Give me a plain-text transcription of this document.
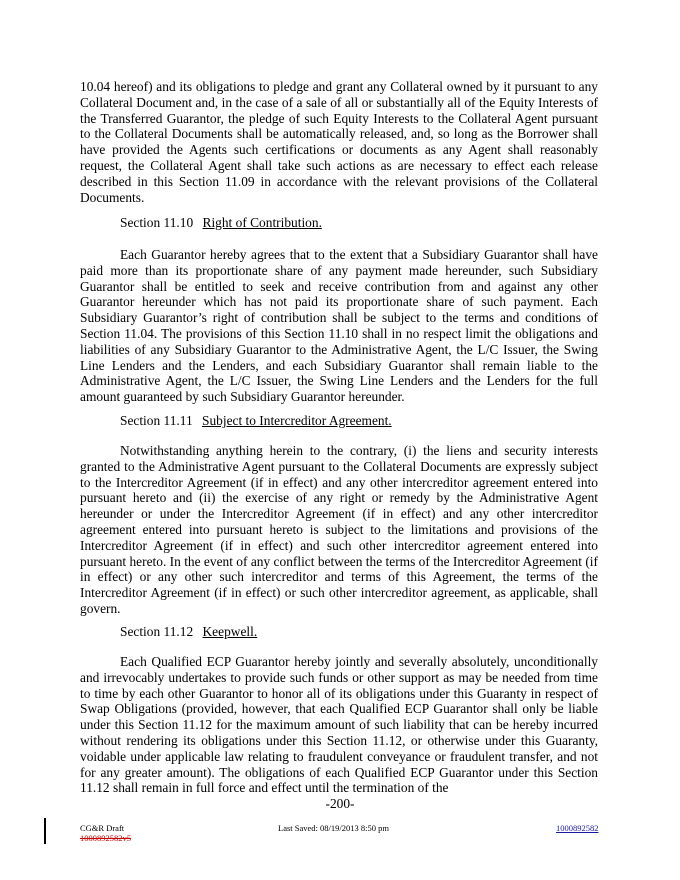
10.04 hereof) and its obligations to pledge and grant any Collateral owned by it pursuant to any Collateral Document and, in the case of a sale of all or substantially all of the Equity Interests of the Transferred Guarantor, the pledge of such Equity Interests to the Collateral Agent pursuant to the Collateral Documents shall be automatically released, and, so long as the Borrower shall have provided the Agents such certifications or documents as any Agent shall reasonably request, the Collateral Agent shall take such actions as are necessary to effect each release described in this Section 11.09 in accordance with the relevant provisions of the Collateral Documents.
Section 11.10 Right of Contribution.
Each Guarantor hereby agrees that to the extent that a Subsidiary Guarantor shall have paid more than its proportionate share of any payment made hereunder, such Subsidiary Guarantor shall be entitled to seek and receive contribution from and against any other Guarantor hereunder which has not paid its proportionate share of such payment. Each Subsidiary Guarantor’s right of contribution shall be subject to the terms and conditions of Section 11.04. The provisions of this Section 11.10 shall in no respect limit the obligations and liabilities of any Subsidiary Guarantor to the Administrative Agent, the L/C Issuer, the Swing Line Lenders and the Lenders, and each Subsidiary Guarantor shall remain liable to the Administrative Agent, the L/C Issuer, the Swing Line Lenders and the Lenders for the full amount guaranteed by such Subsidiary Guarantor hereunder.
Section 11.11 Subject to Intercreditor Agreement.
Notwithstanding anything herein to the contrary, (i) the liens and security interests granted to the Administrative Agent pursuant to the Collateral Documents are expressly subject to the Intercreditor Agreement (if in effect) and any other intercreditor agreement entered into pursuant hereto and (ii) the exercise of any right or remedy by the Administrative Agent hereunder or under the Intercreditor Agreement (if in effect) and any other intercreditor agreement entered into pursuant hereto is subject to the limitations and provisions of the Intercreditor Agreement (if in effect) and such other intercreditor agreement entered into pursuant hereto. In the event of any conflict between the terms of the Intercreditor Agreement (if in effect) or any other such intercreditor and terms of this Agreement, the terms of the Intercreditor Agreement (if in effect) or such other intercreditor agreement, as applicable, shall govern.
Section 11.12 Keepwell.
Each Qualified ECP Guarantor hereby jointly and severally absolutely, unconditionally and irrevocably undertakes to provide such funds or other support as may be needed from time to time by each other Guarantor to honor all of its obligations under this Guaranty in respect of Swap Obligations (provided, however, that each Qualified ECP Guarantor shall only be liable under this Section 11.12 for the maximum amount of such liability that can be hereby incurred without rendering its obligations under this Section 11.12, or otherwise under this Guaranty, voidable under applicable law relating to fraudulent conveyance or fraudulent transfer, and not for any greater amount). The obligations of each Qualified ECP Guarantor under this Section 11.12 shall remain in full force and effect until the termination of the
-200-
CG&R Draft
1000892582v5
Last Saved: 08/19/2013 8:50 pm	1000892582
